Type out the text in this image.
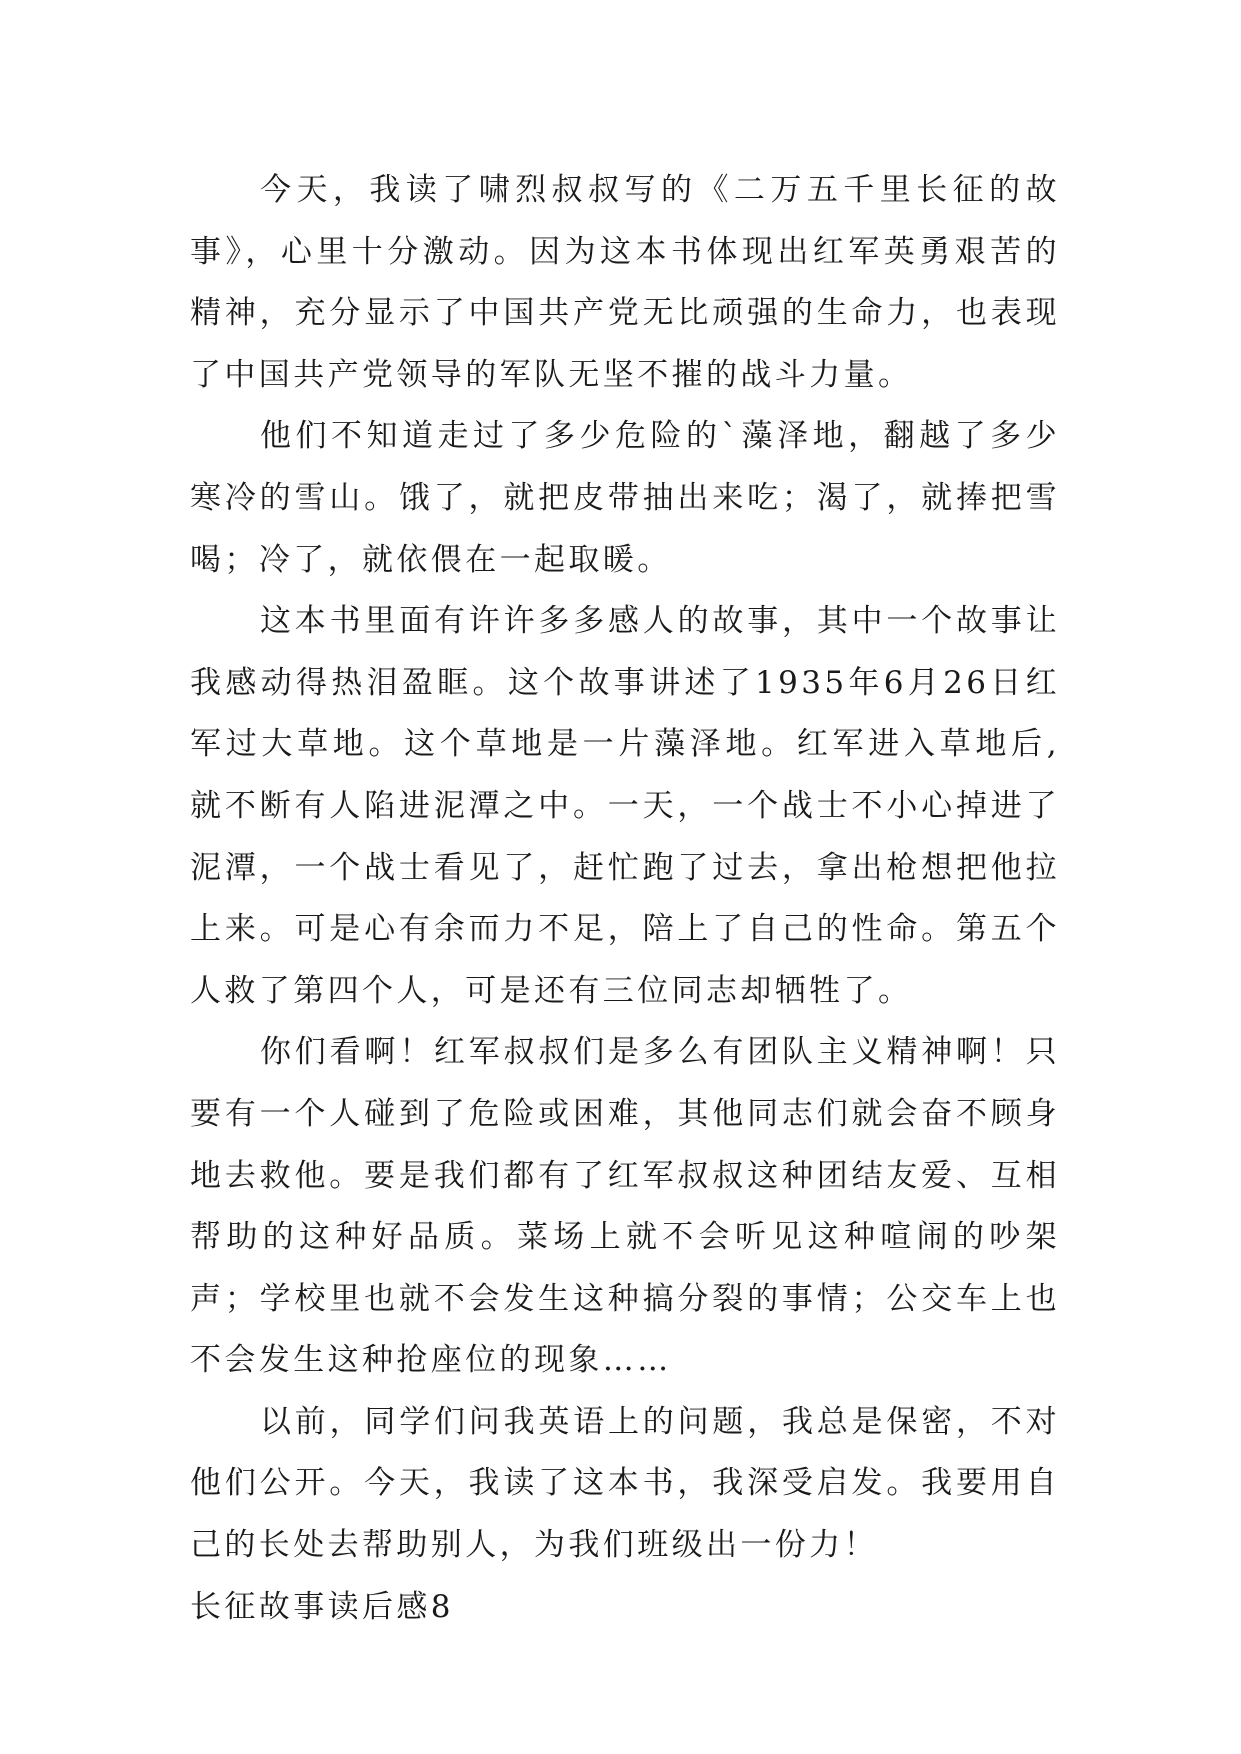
今天，我读了啸烈叔叔写的《二万五千里长征的故事》，心里十分激动。因为这本书体现出红军英勇艰苦的精神，充分显示了中国共产党无比顽强的生命力，也表现了中国共产党领导的军队无坚不摧的战斗力量。

他们不知道走过了多少危险的`藻泽地，翻越了多少寒冷的雪山。饿了，就把皮带抽出来吃；渴了，就捧把雪喝；冷了，就依偎在一起取暖。

这本书里面有许许多多感人的故事，其中一个故事让我感动得热泪盈眶。这个故事讲述了1935年6月26日红军过大草地。这个草地是一片藻泽地。红军进入草地后,就不断有人陷进泥潭之中。一天，一个战士不小心掉进了泥潭，一个战士看见了，赶忙跑了过去，拿出枪想把他拉上来。可是心有余而力不足，陪上了自己的性命。第五个人救了第四个人，可是还有三位同志却牺牲了。

你们看啊！红军叔叔们是多么有团队主义精神啊！只要有一个人碰到了危险或困难，其他同志们就会奋不顾身地去救他。要是我们都有了红军叔叔这种团结友爱、互相帮助的这种好品质。菜场上就不会听见这种喧闹的吵架声；学校里也就不会发生这种搞分裂的事情；公交车上也不会发生这种抢座位的现象……

以前，同学们问我英语上的问题，我总是保密，不对他们公开。今天，我读了这本书，我深受启发。我要用自己的长处去帮助别人，为我们班级出一份力！

长征故事读后感8
